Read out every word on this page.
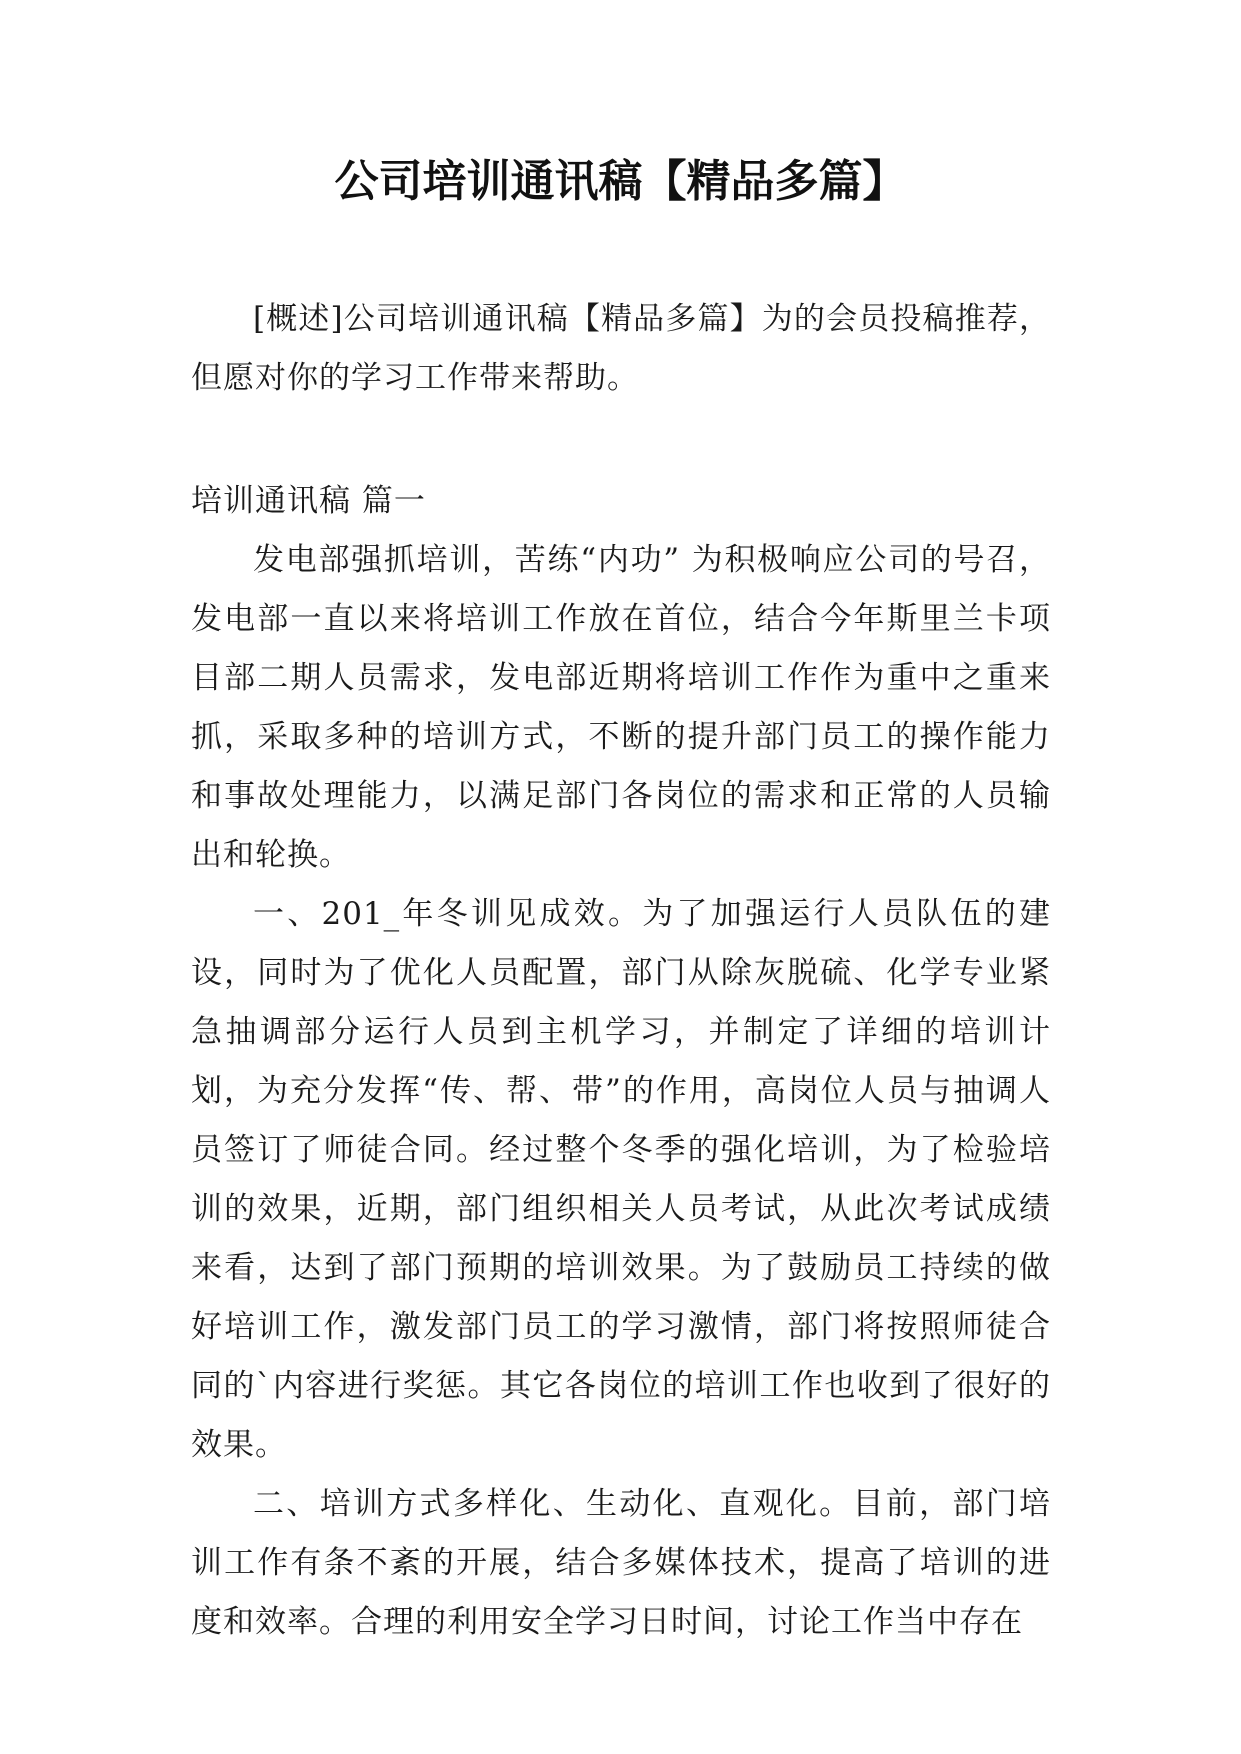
公司培训通讯稿【精品多篇】

[概述]公司培训通讯稿【精品多篇】为的会员投稿推荐，但愿对你的学习工作带来帮助。

培训通讯稿 篇一

发电部强抓培训，苦练“内功” 为积极响应公司的号召，发电部一直以来将培训工作放在首位，结合今年斯里兰卡项目部二期人员需求，发电部近期将培训工作作为重中之重来抓，采取多种的培训方式，不断的提升部门员工的操作能力和事故处理能力，以满足部门各岗位的需求和正常的人员输出和轮换。

一、201_年冬训见成效。为了加强运行人员队伍的建设，同时为了优化人员配置，部门从除灰脱硫、化学专业紧急抽调部分运行人员到主机学习，并制定了详细的培训计划，为充分发挥“传、帮、带”的作用，高岗位人员与抽调人员签订了师徒合同。经过整个冬季的强化培训，为了检验培训的效果，近期，部门组织相关人员考试，从此次考试成绩来看，达到了部门预期的培训效果。为了鼓励员工持续的做好培训工作，激发部门员工的学习激情，部门将按照师徒合同的`内容进行奖惩。其它各岗位的培训工作也收到了很好的效果。

二、培训方式多样化、生动化、直观化。目前，部门培训工作有条不紊的开展，结合多媒体技术，提高了培训的进度和效率。合理的利用安全学习日时间，讨论工作当中存在
